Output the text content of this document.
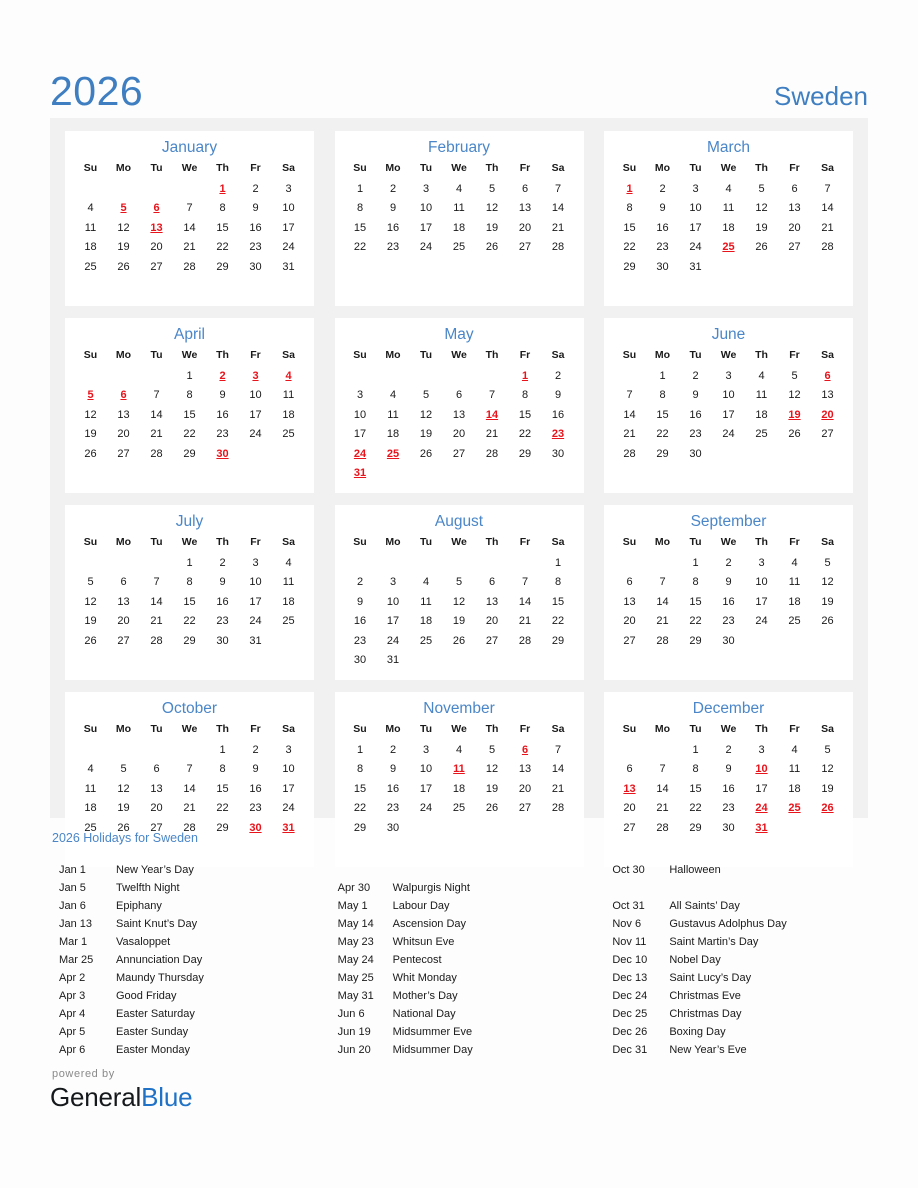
2026	Sweden
January
Su	Mo	Tu	We	Th	Fr	Sa
				1	2	3
4	5	6	7	8	9	10
11	12	13	14	15	16	17
18	19	20	21	22	23	24
25	26	27	28	29	30	31

February
Su	Mo	Tu	We	Th	Fr	Sa
1	2	3	4	5	6	7
8	9	10	11	12	13	14
15	16	17	18	19	20	21
22	23	24	25	26	27	28

March
Su	Mo	Tu	We	Th	Fr	Sa
1	2	3	4	5	6	7
8	9	10	11	12	13	14
15	16	17	18	19	20	21
22	23	24	25	26	27	28
29	30	31				

April
Su	Mo	Tu	We	Th	Fr	Sa
			1	2	3	4
5	6	7	8	9	10	11
12	13	14	15	16	17	18
19	20	21	22	23	24	25
26	27	28	29	30		

May
Su	Mo	Tu	We	Th	Fr	Sa
					1	2
3	4	5	6	7	8	9
10	11	12	13	14	15	16
17	18	19	20	21	22	23
24	25	26	27	28	29	30
31						
June
Su	Mo	Tu	We	Th	Fr	Sa
	1	2	3	4	5	6
7	8	9	10	11	12	13
14	15	16	17	18	19	20
21	22	23	24	25	26	27
28	29	30				

July
Su	Mo	Tu	We	Th	Fr	Sa
			1	2	3	4
5	6	7	8	9	10	11
12	13	14	15	16	17	18
19	20	21	22	23	24	25
26	27	28	29	30	31	

August
Su	Mo	Tu	We	Th	Fr	Sa
						1
2	3	4	5	6	7	8
9	10	11	12	13	14	15
16	17	18	19	20	21	22
23	24	25	26	27	28	29
30	31					
September
Su	Mo	Tu	We	Th	Fr	Sa
		1	2	3	4	5
6	7	8	9	10	11	12
13	14	15	16	17	18	19
20	21	22	23	24	25	26
27	28	29	30			

October
Su	Mo	Tu	We	Th	Fr	Sa
				1	2	3
4	5	6	7	8	9	10
11	12	13	14	15	16	17
18	19	20	21	22	23	24
25	26	27	28	29	30	31

November
Su	Mo	Tu	We	Th	Fr	Sa
1	2	3	4	5	6	7
8	9	10	11	12	13	14
15	16	17	18	19	20	21
22	23	24	25	26	27	28
29	30					

December
Su	Mo	Tu	We	Th	Fr	Sa
		1	2	3	4	5
6	7	8	9	10	11	12
13	14	15	16	17	18	19
20	21	22	23	24	25	26
27	28	29	30	31		

2026 Holidays for Sweden
Jan 1	New Year’s Day
Jan 5	Twelfth Night
Jan 6	Epiphany
Jan 13	Saint Knut’s Day
Mar 1	Vasaloppet
Mar 25	Annunciation Day
Apr 2	Maundy Thursday
Apr 3	Good Friday
Apr 4	Easter Saturday
Apr 5	Easter Sunday
Apr 6	Easter Monday
Apr 30	Walpurgis Night
May 1	Labour Day
May 14	Ascension Day
May 23	Whitsun Eve
May 24	Pentecost
May 25	Whit Monday
May 31	Mother’s Day
Jun 6	National Day
Jun 19	Midsummer Eve
Jun 20	Midsummer Day
Oct 30	Halloween
Oct 31	All Saints’ Day
Nov 6	Gustavus Adolphus Day
Nov 11	Saint Martin’s Day
Dec 10	Nobel Day
Dec 13	Saint Lucy’s Day
Dec 24	Christmas Eve
Dec 25	Christmas Day
Dec 26	Boxing Day
Dec 31	New Year’s Eve
powered by
GeneralBlue
